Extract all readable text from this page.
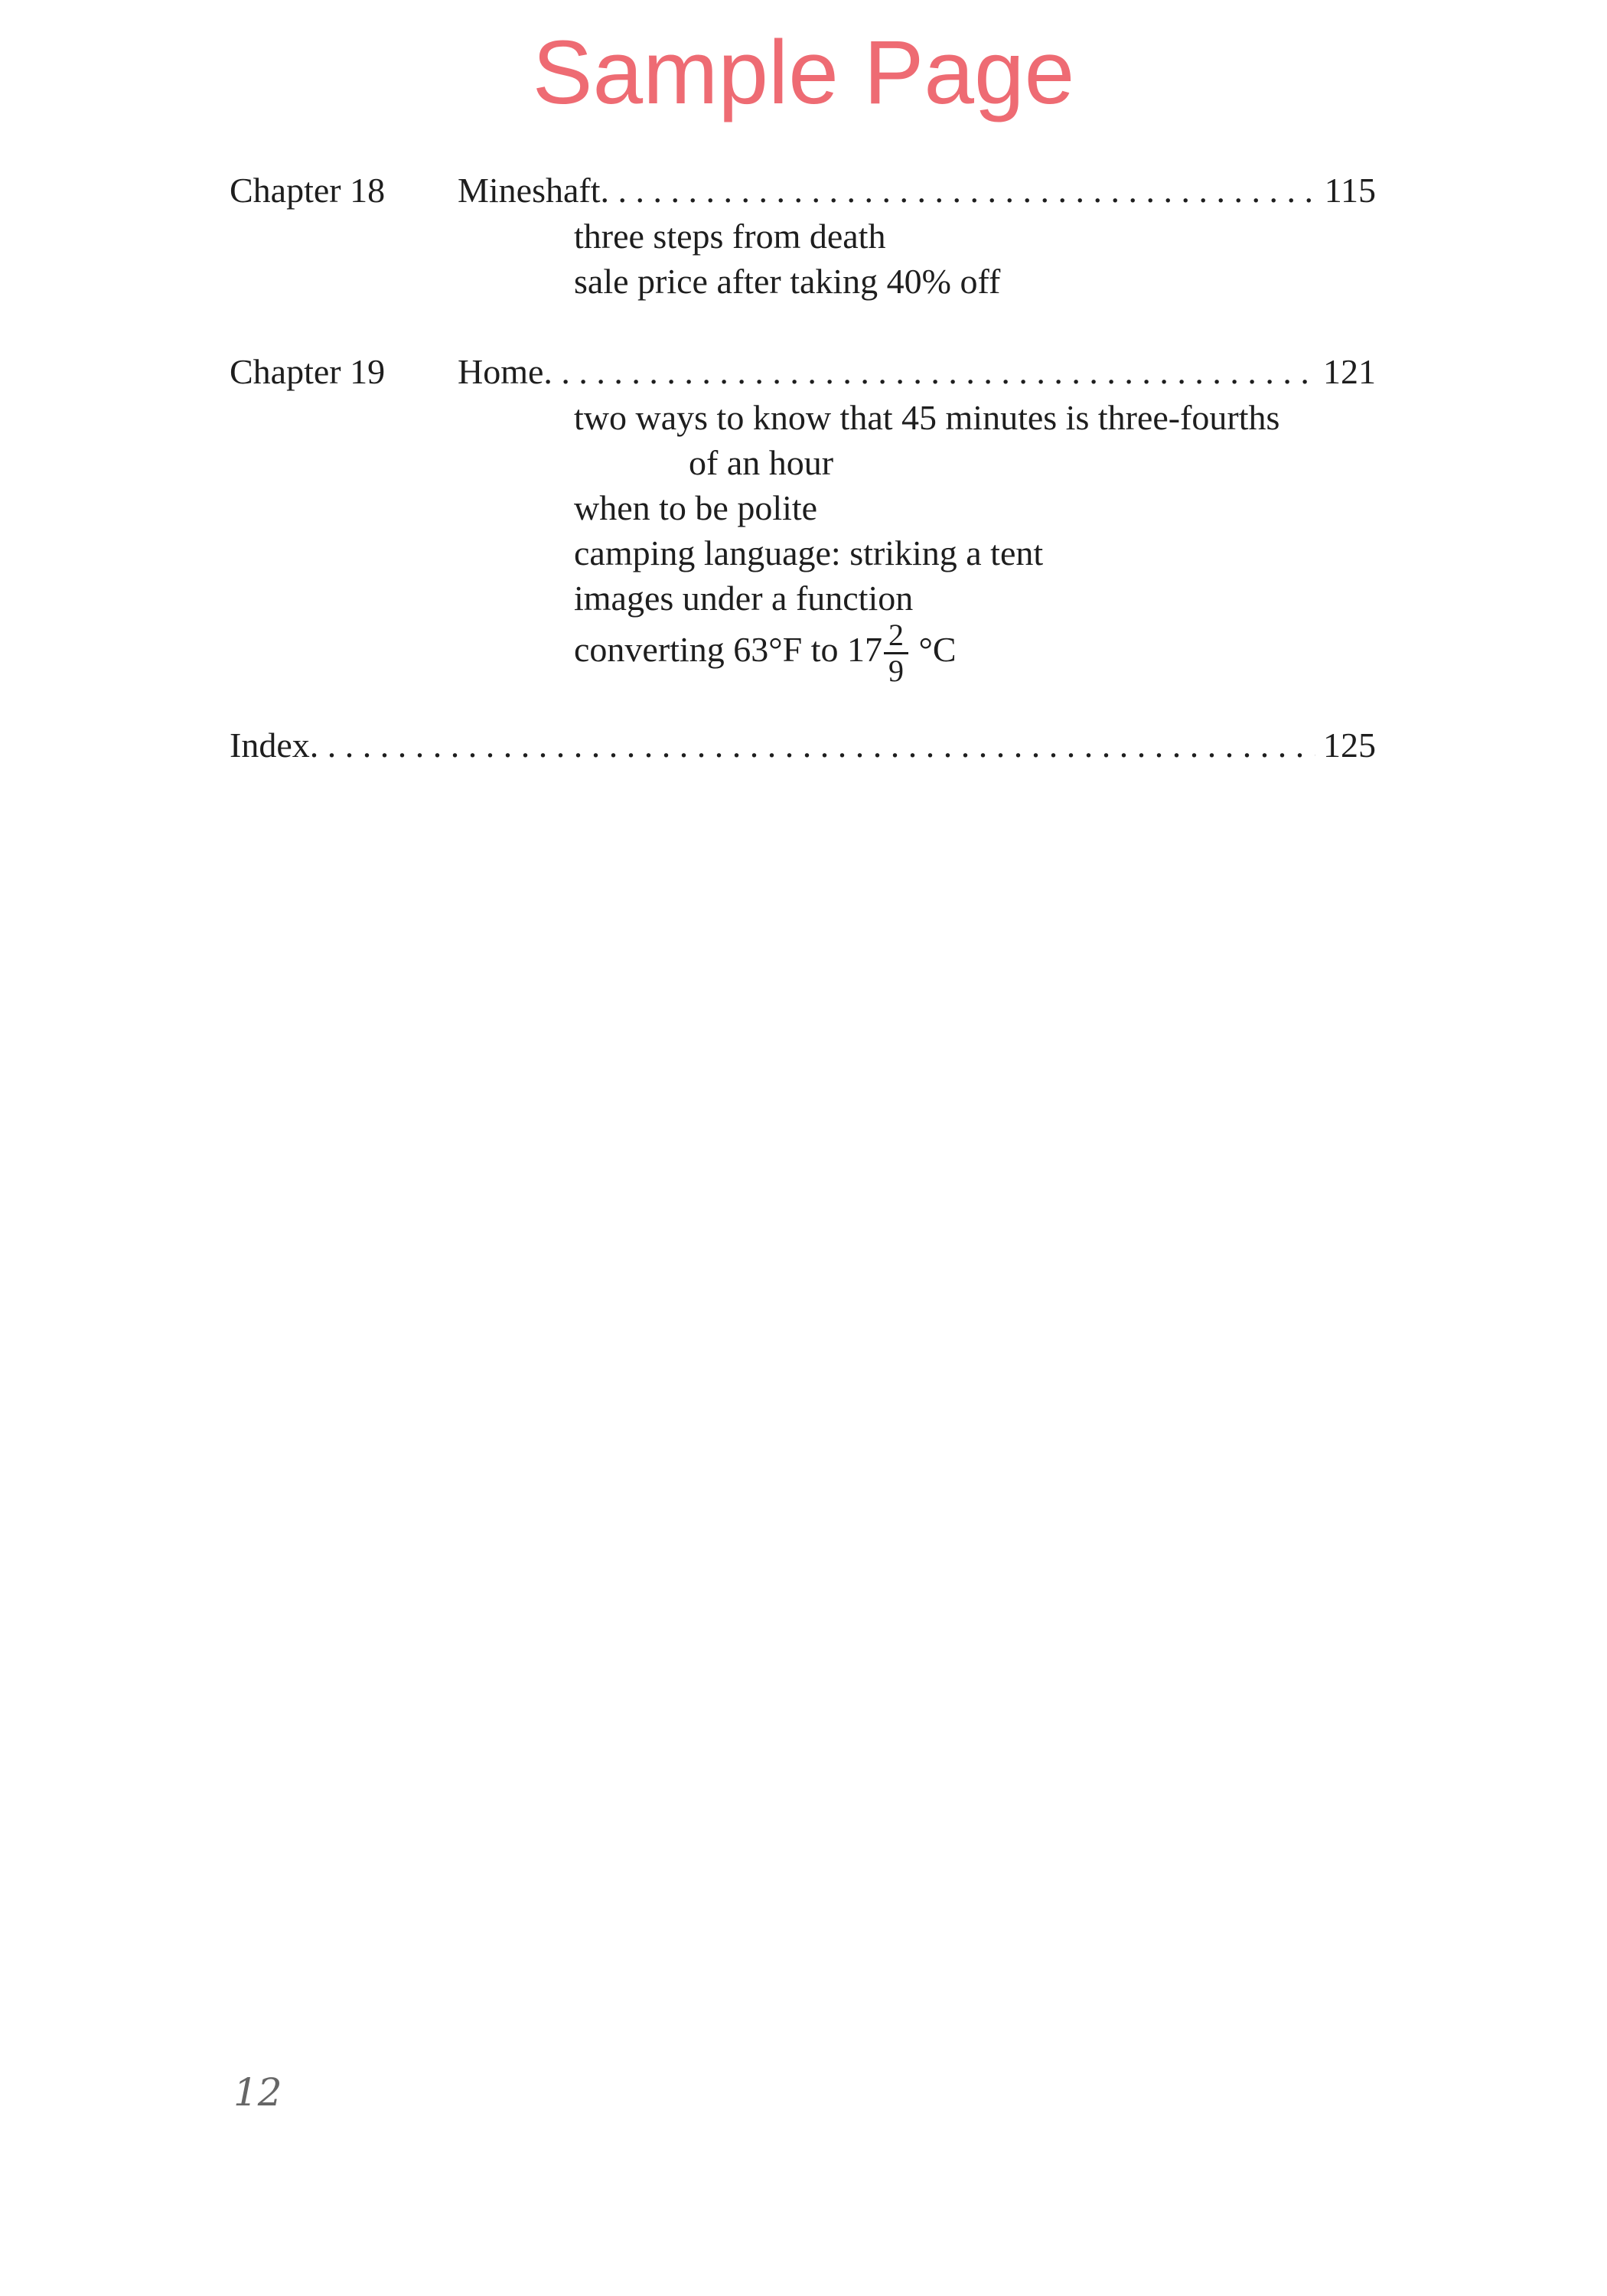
Sample Page
Chapter 18 Mineshaft . . .	115
three steps from death
sale price after taking 40% off
Chapter 19 Home . . .	121
two ways to know that 45 minutes is three-fourths
of an hour
when to be polite
camping language: striking a tent
images under a function
converting 63°F to $17 \frac{2}{9} ^\circ C$
Index . . .	125
12
